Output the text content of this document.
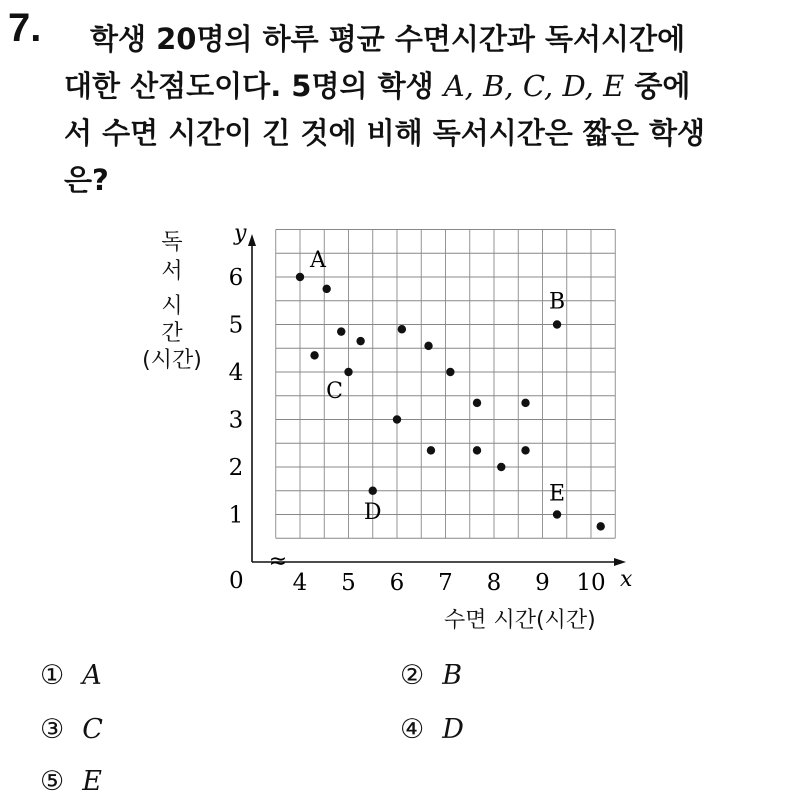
7.	학생 20명의 하루 평균 수면시간과 독서시간에
대한 산점도이다. 5명의 학생 A, B, C, D, E 중에
서 수면 시간이 긴 것에 비해 독서시간은 짧은 학생
은?
독
서
시
간
(시간)
≈
y
x
0 4 5 6 7 8 9 10
1
2
3
4
5
6
A
C
D
B
E
수면 시간(시간)
① A	② B
③ C	④ D
⑤ E
